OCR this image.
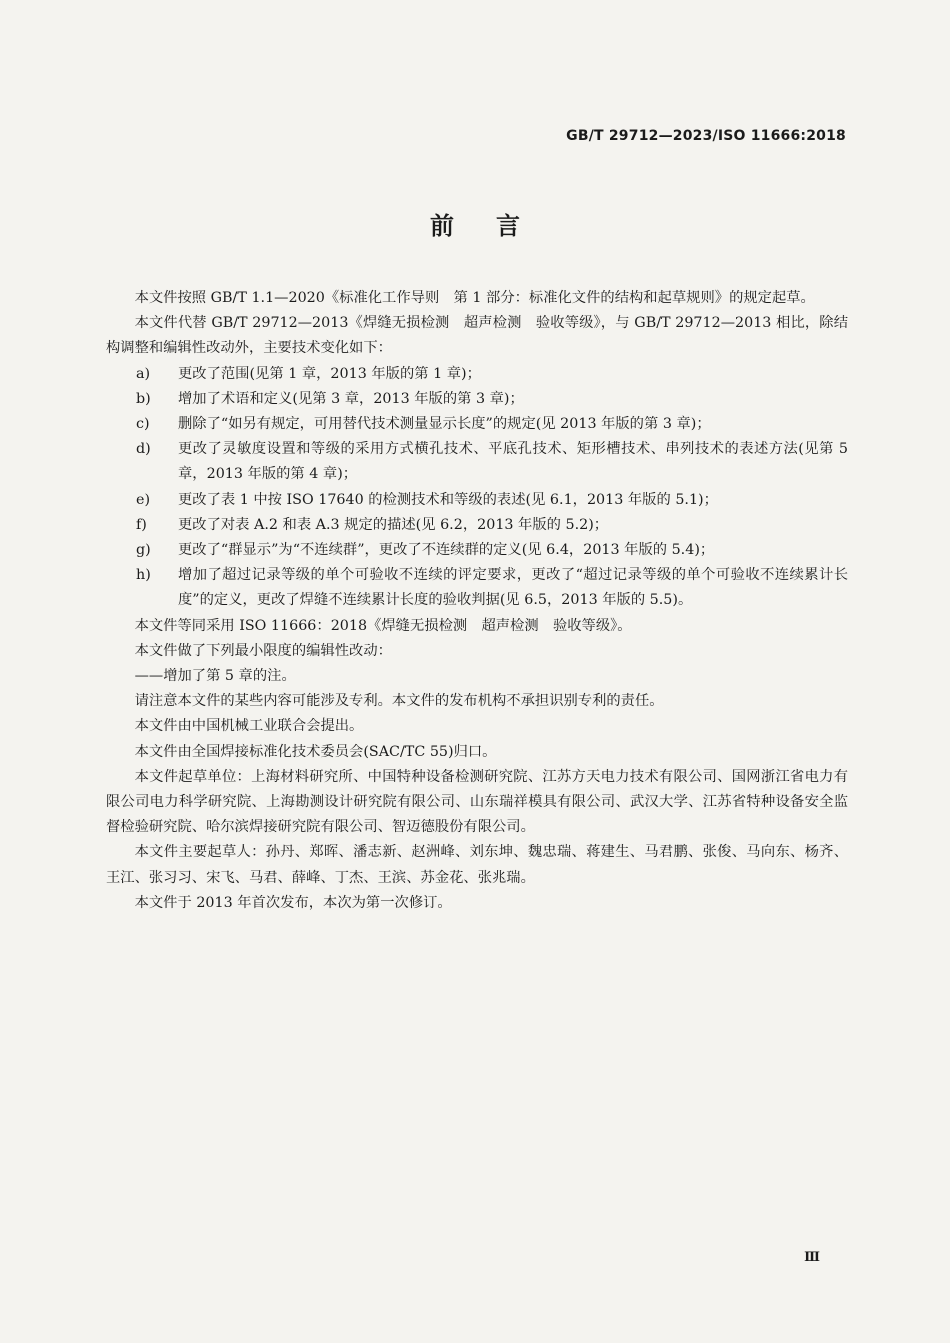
GB/T 29712—2023/ISO 11666:2018
前言

本文件按照 GB/T 1.1—2020《标准化工作导则　第 1 部分：标准化文件的结构和起草规则》的规定起草。

本文件代替 GB/T 29712—2013《焊缝无损检测　超声检测　验收等级》，与 GB/T 29712—2013 相比，除结构调整和编辑性改动外，主要技术变化如下：

a) 更改了范围(见第 1 章，2013 年版的第 1 章)；

b) 增加了术语和定义(见第 3 章，2013 年版的第 3 章)；

c) 删除了“如另有规定，可用替代技术测量显示长度”的规定(见 2013 年版的第 3 章)；

d) 更改了灵敏度设置和等级的采用方式横孔技术、平底孔技术、矩形槽技术、串列技术的表述方法(见第 5 章，2013 年版的第 4 章)；

e) 更改了表 1 中按 ISO 17640 的检测技术和等级的表述(见 6.1，2013 年版的 5.1)；

f) 更改了对表 A.2 和表 A.3 规定的描述(见 6.2，2013 年版的 5.2)；

g) 更改了“群显示”为“不连续群”，更改了不连续群的定义(见 6.4，2013 年版的 5.4)；

h) 增加了超过记录等级的单个可验收不连续的评定要求，更改了“超过记录等级的单个可验收不连续累计长度”的定义，更改了焊缝不连续累计长度的验收判据(见 6.5，2013 年版的 5.5)。

本文件等同采用 ISO 11666：2018《焊缝无损检测　超声检测　验收等级》。

本文件做了下列最小限度的编辑性改动：

——增加了第 5 章的注。

请注意本文件的某些内容可能涉及专利。本文件的发布机构不承担识别专利的责任。

本文件由中国机械工业联合会提出。

本文件由全国焊接标准化技术委员会(SAC/TC 55)归口。

本文件起草单位：上海材料研究所、中国特种设备检测研究院、江苏方天电力技术有限公司、国网浙江省电力有限公司电力科学研究院、上海勘测设计研究院有限公司、山东瑞祥模具有限公司、武汉大学、江苏省特种设备安全监督检验研究院、哈尔滨焊接研究院有限公司、智迈德股份有限公司。

本文件主要起草人：孙丹、郑晖、潘志新、赵洲峰、刘东坤、魏忠瑞、蒋建生、马君鹏、张俊、马向东、杨齐、王江、张习习、宋飞、马君、薛峰、丁杰、王滨、苏金花、张兆瑞。

本文件于 2013 年首次发布，本次为第一次修订。

Ⅲ
